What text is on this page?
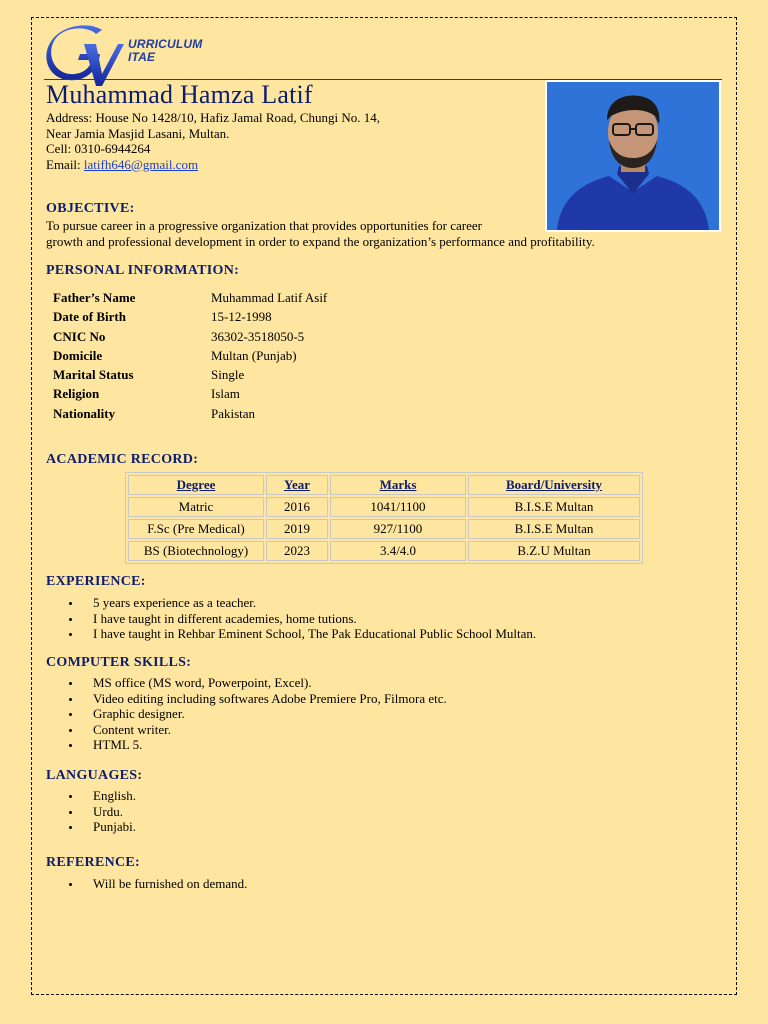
URRICULUM
ITAE
Muhammad Hamza Latif
Address: House No 1428/10, Hafiz Jamal Road, Chungi No. 14,
Near Jamia Masjid Lasani, Multan.
Cell: 0310-6944264
Email: latifh646@gmail.com
OBJECTIVE:
To pursue career in a progressive organization that provides opportunities for career
growth and professional development in order to expand the organization’s performance and profitability.
PERSONAL INFORMATION:
Father’s Name	Muhammad Latif Asif
Date of Birth	15-12-1998
CNIC No	36302-3518050-5
Domicile	Multan (Punjab)
Marital Status	Single
Religion	Islam
Nationality	Pakistan
ACADEMIC RECORD:
Degree	Year	Marks	Board/University
Matric	2016	1041/1100	B.I.S.E Multan
F.Sc (Pre Medical)	2019	927/1100	B.I.S.E Multan
BS (Biotechnology)	2023	3.4/4.0	B.Z.U Multan
EXPERIENCE:
5 years experience as a teacher.
I have taught in different academies, home tutions.
I have taught in Rehbar Eminent School, The Pak Educational Public School Multan.
COMPUTER SKILLS:
MS office (MS word, Powerpoint, Excel).
Video editing including softwares Adobe Premiere Pro, Filmora etc.
Graphic designer.
Content writer.
HTML 5.
LANGUAGES:
English.
Urdu.
Punjabi.
REFERENCE:
Will be furnished on demand.
